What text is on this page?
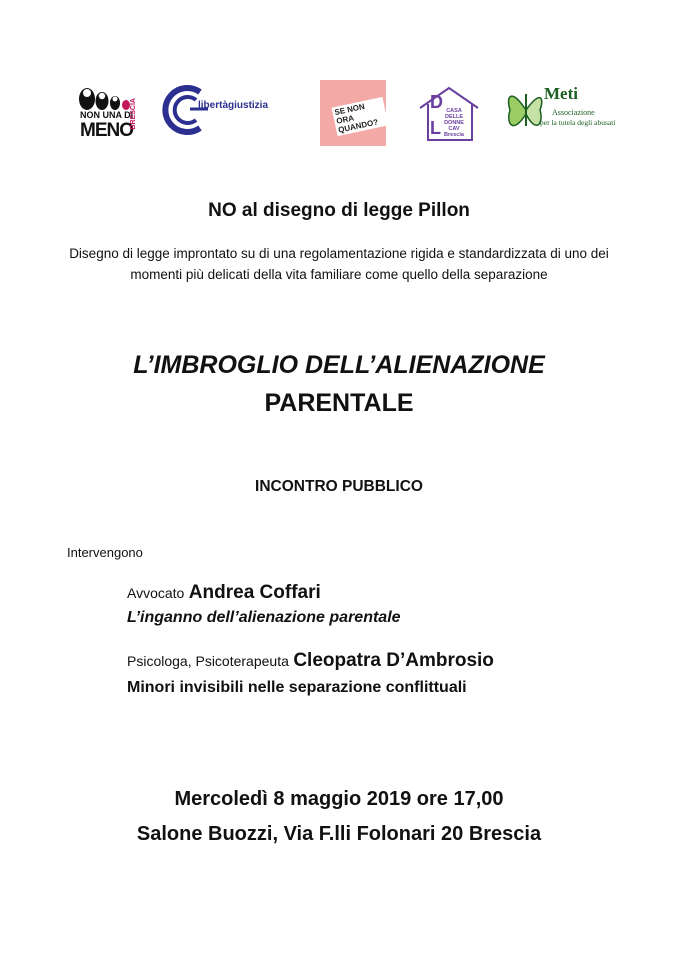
NON UNA DI
MENO
BRESCIA	libertàgiustizia	SE NON ORA QUANDO?
D
L
CASA
DELLE
DONNE
CAV Brescia
Meti
Associazione
per la tutela degli abusati
NO al disegno di legge Pillon
Disegno di legge improntato su di una regolamentazione rigida e standardizzata di uno dei momenti più delicati della vita familiare come quello della separazione
L’IMBROGLIO DELL’ALIENAZIONE
PARENTALE
INCONTRO PUBBLICO
Intervengono
Avvocato Andrea Coffari
L’inganno dell’alienazione parentale
Psicologa, Psicoterapeuta Cleopatra D’Ambrosio
Minori invisibili nelle separazione conflittuali
Mercoledì 8 maggio 2019 ore 17,00
Salone Buozzi, Via F.lli Folonari 20 Brescia
